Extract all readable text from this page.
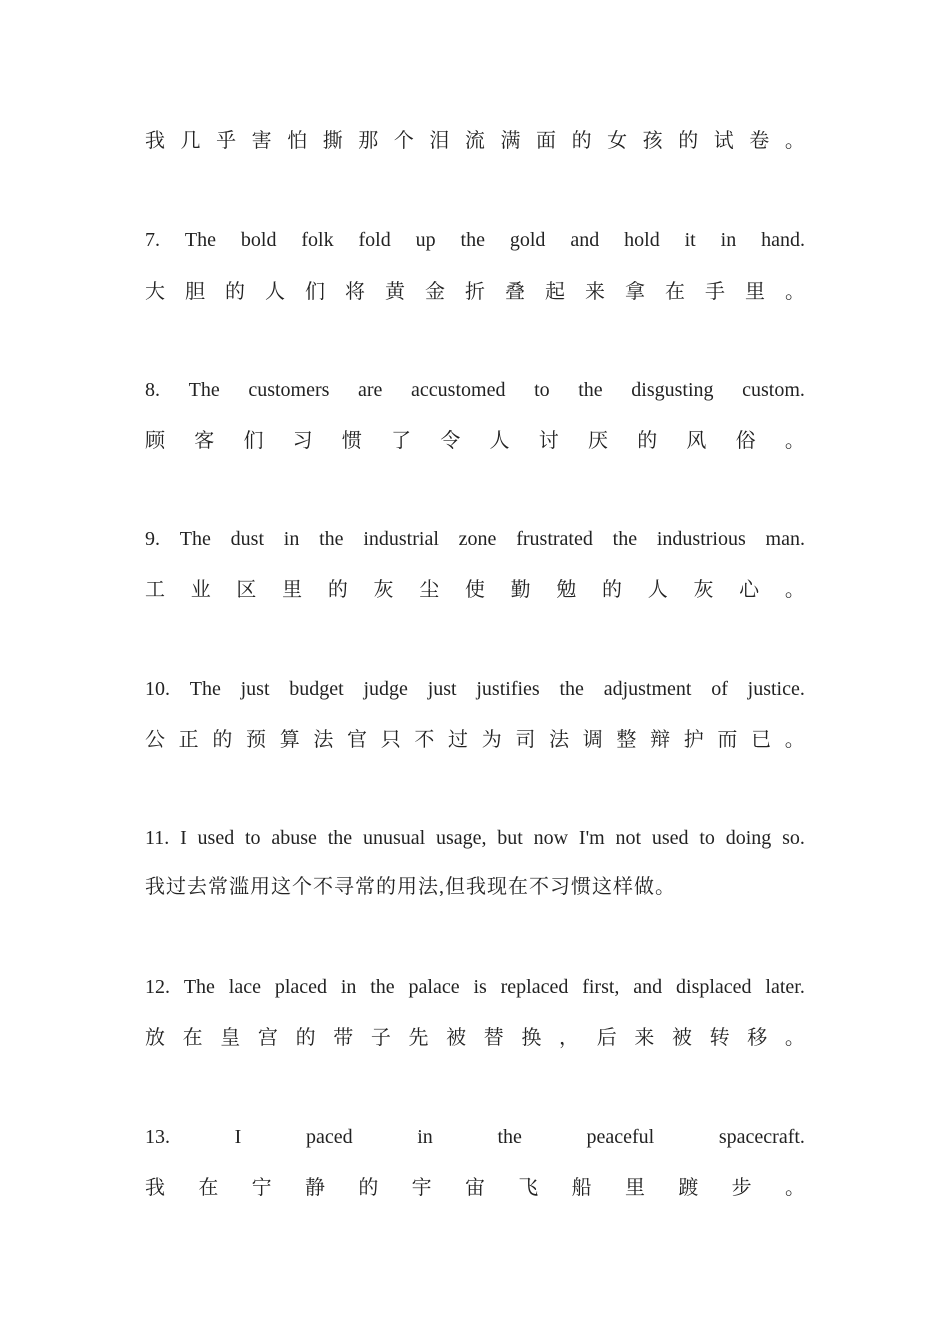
我 几 乎 害 怕 撕 那 个 泪 流 满 面 的 女 孩 的 试 卷 。
7. The bold folk fold up the gold and hold it in hand.
大 胆 的 人 们 将 黄 金 折 叠 起 来 拿 在 手 里 。
8. The customers are accustomed to the disgusting custom.
顾 客 们 习 惯 了 令 人 讨 厌 的 风 俗 。
9. The dust in the industrial zone frustrated the industrious man.
工 业 区 里 的 灰 尘 使 勤 勉 的 人 灰 心 。
10. The just budget judge just justifies the adjustment of justice.
公 正 的 预 算 法 官 只 不 过 为 司 法 调 整 辩 护 而 已 。
11. I used to abuse the unusual usage, but now I'm not used to doing so.
我过去常滥用这个不寻常的用法,但我现在不习惯这样做。
12. The lace placed in the palace is replaced first, and displaced later.
放 在 皇 宫 的 带 子 先 被 替 换 ， 后 来 被 转 移 。
13.	I	paced	in	the	peaceful	spacecraft.
我 在 宁 静 的 宇 宙 飞 船 里 踱 步 。
